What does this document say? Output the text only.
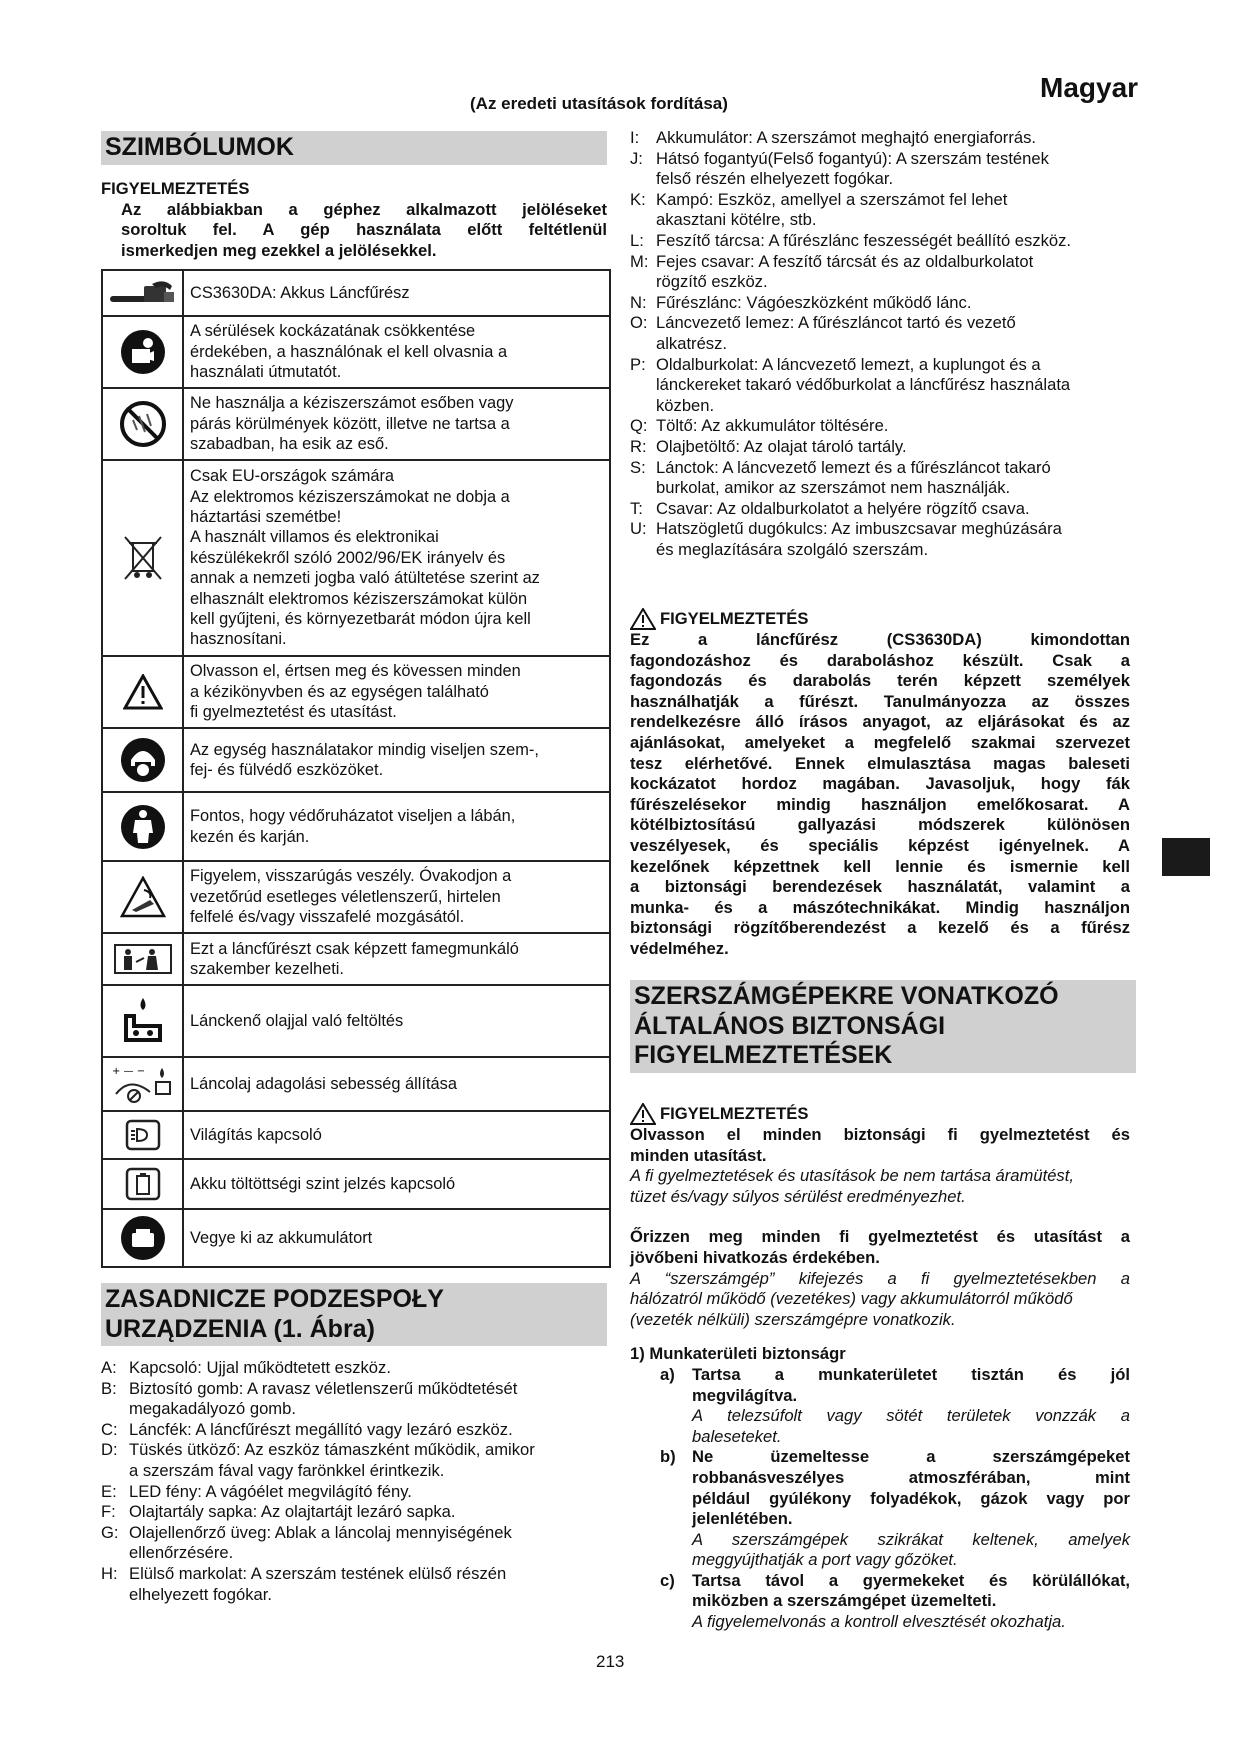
Magyar
(Az eredeti utasítások fordítása)
SZIMBÓLUMOK
FIGYELMEZTETÉS
Az alábbiakban a géphez alkalmazott jelöléseket
soroltuk fel. A gép használata előtt feltétlenül
ismerkedjen meg ezekkel a jelölésekkel.
CS3630DA: Akkus Láncfűrész
A sérülések kockázatának csökkentése
érdekében, a használónak el kell olvasnia a
használati útmutatót.
Ne használja a kéziszerszámot esőben vagy
párás körülmények között, illetve ne tartsa a
szabadban, ha esik az eső.
Csak EU-országok számára
Az elektromos kéziszerszámokat ne dobja a
háztartási szemétbe!
A használt villamos és elektronikai
készülékekről szóló 2002/96/EK irányelv és
annak a nemzeti jogba való átültetése szerint az
elhasznált elektromos kéziszerszámokat külön
kell gyűjteni, és környezetbarát módon újra kell
hasznosítani.
Olvasson el, értsen meg és kövessen minden
a kézikönyvben és az egységen található
fi gyelmeztetést és utasítást.
Az egység használatakor mindig viseljen szem-,
fej- és fülvédő eszközöket.
Fontos, hogy védőruházatot viseljen a lábán,
kezén és karján.
Figyelem, visszarúgás veszély. Óvakodjon a
vezetőrúd esetleges véletlenszerű, hirtelen
felfelé és/vagy visszafelé mozgásától.
Ezt a láncfűrészt csak képzett famegmunkáló
szakember kezelheti.
Lánckenő olajjal való feltöltés
+ — −
Láncolaj adagolási sebesség állítása
Világítás kapcsoló
Akku töltöttségi szint jelzés kapcsoló
Vegye ki az akkumulátort
ZASADNICZE PODZESPOŁY
URZĄDZENIA (1. Ábra)
A: Kapcsoló: Ujjal működtetett eszköz.
B: Biztosító gomb: A ravasz véletlenszerű működtetését
megakadályozó gomb.
C: Láncfék: A láncfűrészt megállító vagy lezáró eszköz.
D: Tüskés ütköző: Az eszköz támaszként működik, amikor
a szerszám fával vagy farönkkel érintkezik.
E: LED fény: A vágóélet megvilágító fény.
F: Olajtartály sapka: Az olajtartájt lezáró sapka.
G: Olajellenőrző üveg: Ablak a láncolaj mennyiségének
ellenőrzésére.
H: Elülső markolat: A szerszám testének elülső részén
elhelyezett fogókar.
I:	Akkumulátor: A szerszámot meghajtó energiaforrás.
J: Hátsó fogantyú(Felső fogantyú): A szerszám testének
felső részén elhelyezett fogókar.
K: Kampó: Eszköz, amellyel a szerszámot fel lehet
akasztani kötélre, stb.
L: Feszítő tárcsa: A fűrészlánc feszességét beállító eszköz.
M: Fejes csavar: A feszítő tárcsát és az oldalburkolatot
rögzítő eszköz.
N: Fűrészlánc: Vágóeszközként működő lánc.
O: Láncvezető lemez: A fűrészláncot tartó és vezető
alkatrész.
P: Oldalburkolat: A láncvezető lemezt, a kuplungot és a
lánckereket takaró védőburkolat a láncfűrész használata
közben.
Q: Töltő: Az akkumulátor töltésére.
R: Olajbetöltő: Az olajat tároló tartály.
S: Lánctok: A láncvezető lemezt és a fűrészláncot takaró
burkolat, amikor az szerszámot nem használják.
T: Csavar: Az oldalburkolatot a helyére rögzítő csava.
U: Hatszögletű dugókulcs: Az imbuszcsavar meghúzására
és meglazítására szolgáló szerszám.
FIGYELMEZTETÉS
Ez a láncfűrész (CS3630DA) kimondottan
fagondozáshoz és daraboláshoz készült. Csak a
fagondozás és darabolás terén képzett személyek
használhatják a fűrészt. Tanulmányozza az összes
rendelkezésre álló írásos anyagot, az eljárásokat és az
ajánlásokat, amelyeket a megfelelő szakmai szervezet
tesz elérhetővé. Ennek elmulasztása magas baleseti
kockázatot hordoz magában. Javasoljuk, hogy fák
fűrészelésekor mindig használjon emelőkosarat. A
kötélbiztosítású gallyazási módszerek különösen
veszélyesek, és speciális képzést igényelnek. A
kezelőnek képzettnek kell lennie és ismernie kell
a biztonsági berendezések használatát, valamint a
munka- és a mászótechnikákat. Mindig használjon
biztonsági rögzítőberendezést a kezelő és a fűrész
védelméhez.
SZERSZÁMGÉPEKRE VONATKOZÓ
ÁLTALÁNOS BIZTONSÁGI
FIGYELMEZTETÉSEK
FIGYELMEZTETÉS
Olvasson el minden biztonsági fi gyelmeztetést és
minden utasítást.
A fi gyelmeztetések és utasítások be nem tartása áramütést,
tüzet és/vagy súlyos sérülést eredményezhet.
Őrizzen meg minden fi gyelmeztetést és utasítást a
jövőbeni hivatkozás érdekében.
A “szerszámgép” kifejezés a fi gyelmeztetésekben a
hálózatról működő (vezetékes) vagy akkumulátorról működő
(vezeték nélküli) szerszámgépre vonatkozik.
1) Munkaterületi biztonságr
a)	Tartsa a munkaterületet tisztán és jól
megvilágítva.
A telezsúfolt vagy sötét területek vonzzák a
baleseteket.
b) Ne üzemeltesse a szerszámgépeket
robbanásveszélyes atmoszférában, mint
például gyúlékony folyadékok, gázok vagy por
jelenlétében.
A szerszámgépek szikrákat keltenek, amelyek
meggyújthatják a port vagy gőzöket.
c)	Tartsa távol a gyermekeket és körülállókat,
miközben a szerszámgépet üzemelteti.
A figyelemelvonás a kontroll elvesztését okozhatja.
213
